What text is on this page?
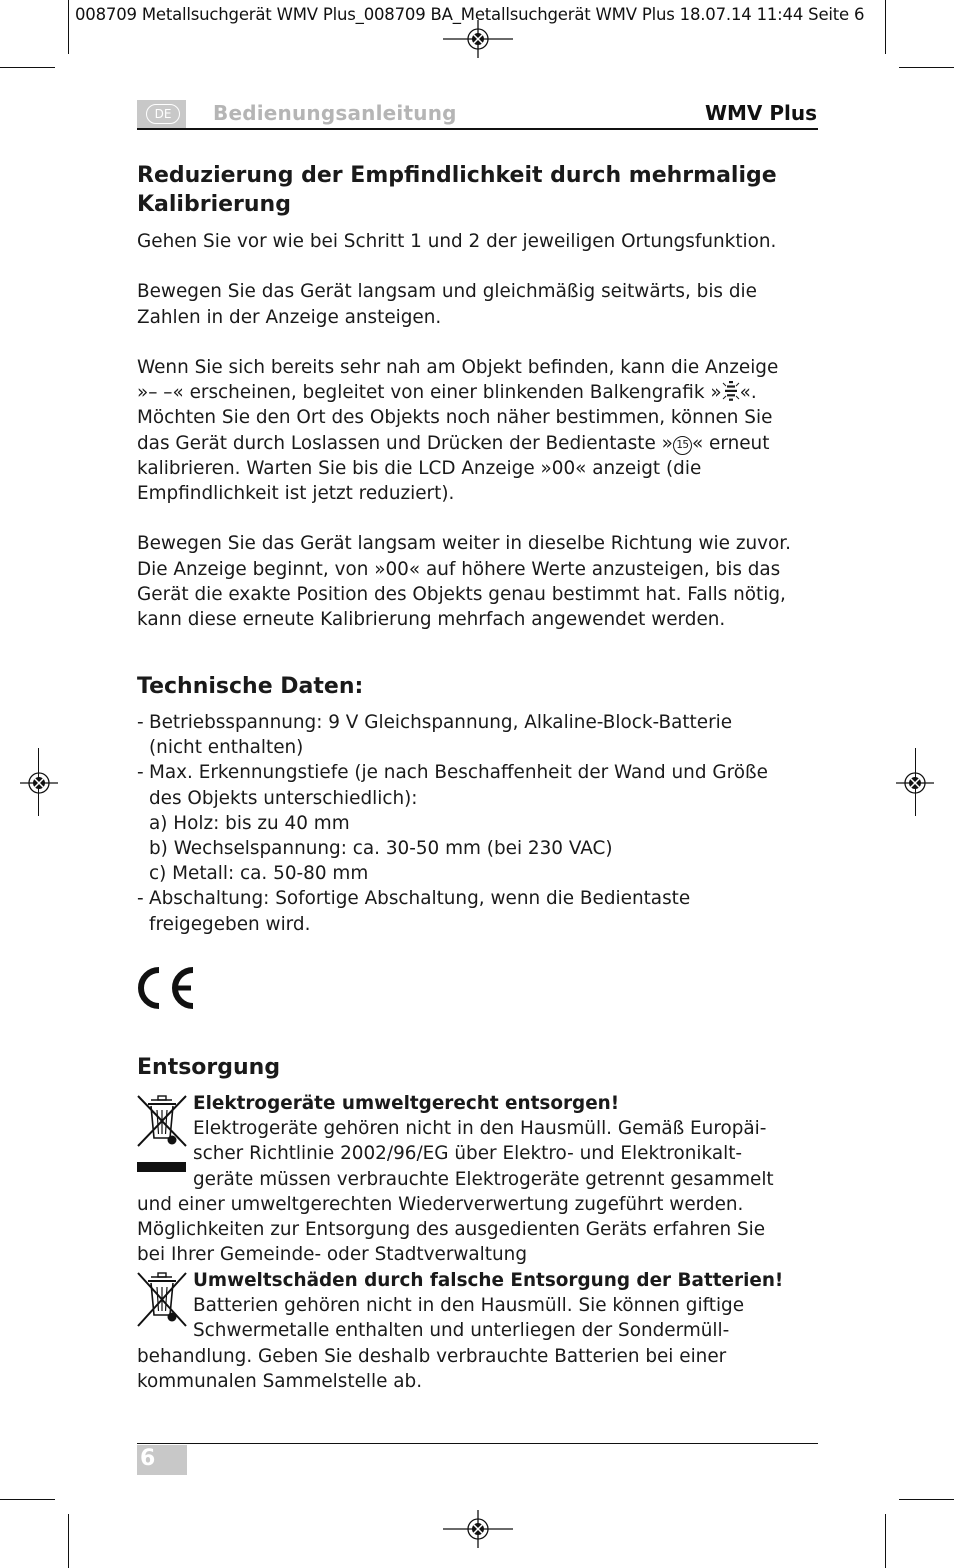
008709 Metallsuchgerät WMV Plus_008709 BA_Metallsuchgerät WMV Plus 18.07.14 11:44 Seite 6
DE	Bedienungsanleitung	WMV Plus
Reduzierung der Empfindlichkeit durch mehrmalige Kalibrierung
Gehen Sie vor wie bei Schritt 1 und 2 der jeweiligen Ortungsfunktion.
Bewegen Sie das Gerät langsam und gleichmäßig seitwärts, bis die
Zahlen in der Anzeige ansteigen.
Wenn Sie sich bereits sehr nah am Objekt befinden, kann die Anzeige
»– –« erscheinen, begleitet von einer blinkenden Balkengrafik » «.
Möchten Sie den Ort des Objekts noch näher bestimmen, können Sie
das Gerät durch Loslassen und Drücken der Bedientaste » 15 « erneut
kalibrieren. Warten Sie bis die LCD Anzeige »00« anzeigt (die
Empfindlichkeit ist jetzt reduziert).
Bewegen Sie das Gerät langsam weiter in dieselbe Richtung wie zuvor.
Die Anzeige beginnt, von »00« auf höhere Werte anzusteigen, bis das
Gerät die exakte Position des Objekts genau bestimmt hat. Falls nötig,
kann diese erneute Kalibrierung mehrfach angewendet werden.
Technische Daten:
- Betriebsspannung: 9 V Gleichspannung, Alkaline-Block-Batterie
(nicht enthalten)
- Max. Erkennungstiefe (je nach Beschaffenheit der Wand und Größe
des Objekts unterschiedlich):
a) Holz: bis zu 40 mm
b) Wechselspannung: ca. 30-50 mm (bei 230 VAC)
c) Metall: ca. 50-80 mm
- Abschaltung: Sofortige Abschaltung, wenn die Bedientaste
freigegeben wird.
Entsorgung
Elektrogeräte umweltgerecht entsorgen!
Elektrogeräte gehören nicht in den Hausmüll. Gemäß Europäi-
scher Richtlinie 2002/96/EG über Elektro- und Elektronikalt-
geräte müssen verbrauchte Elektrogeräte getrennt gesammelt
und einer umweltgerechten Wiederverwertung zugeführt werden.
Möglichkeiten zur Entsorgung des ausgedienten Geräts erfahren Sie
bei Ihrer Gemeinde- oder Stadtverwaltung
Umweltschäden durch falsche Entsorgung der Batterien!
Batterien gehören nicht in den Hausmüll. Sie können giftige
Schwermetalle enthalten und unterliegen der Sondermüll-
behandlung. Geben Sie deshalb verbrauchte Batterien bei einer
kommunalen Sammelstelle ab.
6
